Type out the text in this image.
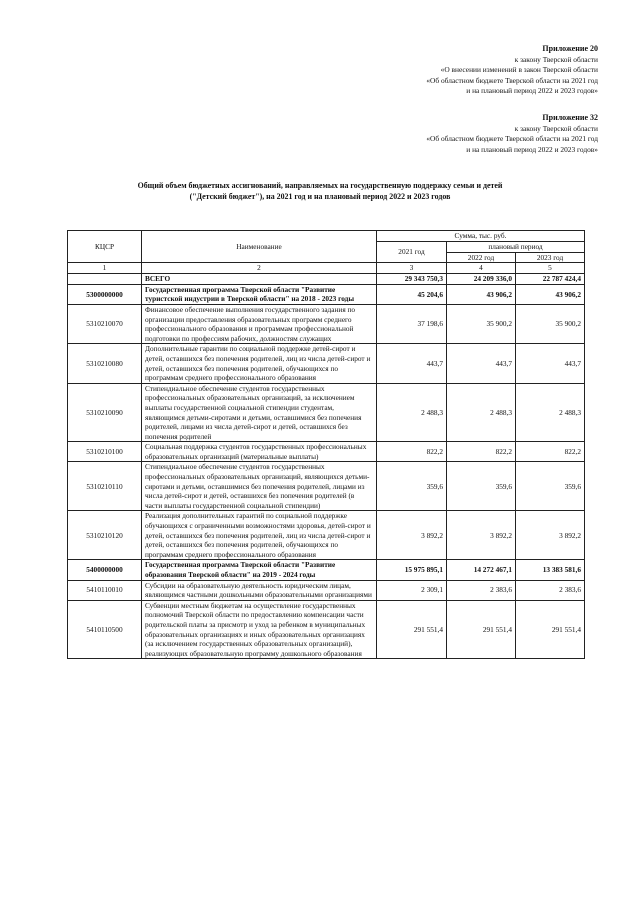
Приложение 20
к закону Тверской области
«О внесении изменений в закон Тверской области
«Об областном бюджете Тверской области на 2021 год
и на плановый период 2022 и 2023 годов»
Приложение 32
к закону Тверской области
«Об областном бюджете Тверской области на 2021 год
и на плановый период 2022 и 2023 годов»
Общий объем бюджетных ассигнований, направляемых на государственную поддержку семьи и детей
("Детский бюджет"), на 2021 год и на плановый период 2022 и 2023 годов
КЦСР	Наименование	Сумма, тыс. руб.		
		2021 год	плановый период	
			2022 год	2023 год
1	2	3	4	5
	ВСЕГО	29 343 750,3	24 209 336,0	22 787 424,4
5300000000	Государственная программа Тверской области "Развитие туристской индустрии в Тверской области" на 2018 - 2023 годы	45 204,6	43 906,2	43 906,2
5310210070	Финансовое обеспечение выполнения государственного задания по организации предоставления образовательных программ среднего профессионального образования и программам профессиональной подготовки по профессиям рабочих, должностям служащих	37 198,6	35 900,2	35 900,2
5310210080	Дополнительные гарантии по социальной поддержке детей-сирот и детей, оставшихся без попечения родителей, лиц из числа детей-сирот и детей, оставшихся без попечения родителей, обучающихся по программам среднего профессионального образования	443,7	443,7	443,7
5310210090	Стипендиальное обеспечение студентов государственных профессиональных образовательных организаций, за исключением выплаты государственной социальной стипендии студентам, являющимся детьми-сиротами и детьми, оставшимися без попечения родителей, лицами из числа детей-сирот и детей, оставшихся без попечения родителей	2 488,3	2 488,3	2 488,3
5310210100	Социальная поддержка студентов государственных профессиональных образовательных организаций (материальные выплаты)	822,2	822,2	822,2
5310210110	Стипендиальное обеспечение студентов государственных профессиональных образовательных организаций, являющихся детьми-сиротами и детьми, оставшимися без попечения родителей, лицами из числа детей-сирот и детей, оставшихся без попечения родителей (в части выплаты государственной социальной стипендии)	359,6	359,6	359,6
5310210120	Реализация дополнительных гарантий по социальной поддержке обучающихся с ограниченными возможностями здоровья, детей-сирот и детей, оставшихся без попечения родителей, лиц из числа детей-сирот и детей, оставшихся без попечения родителей, обучающихся по программам среднего профессионального образования	3 892,2	3 892,2	3 892,2
5400000000	Государственная программа Тверской области "Развитие образования Тверской области" на 2019 - 2024 годы	15 975 895,1	14 272 467,1	13 383 581,6
5410110010	Субсидии на образовательную деятельность юридическим лицам, являющимся частными дошкольными образовательными организациями	2 309,1	2 383,6	2 383,6
5410110500	Субвенции местным бюджетам на осуществление государственных полномочий Тверской области по предоставлению компенсации части родительской платы за присмотр и уход за ребенком в муниципальных образовательных организациях и иных образовательных организациях (за исключением государственных образовательных организаций), реализующих образовательную программу дошкольного образования	291 551,4	291 551,4	291 551,4
